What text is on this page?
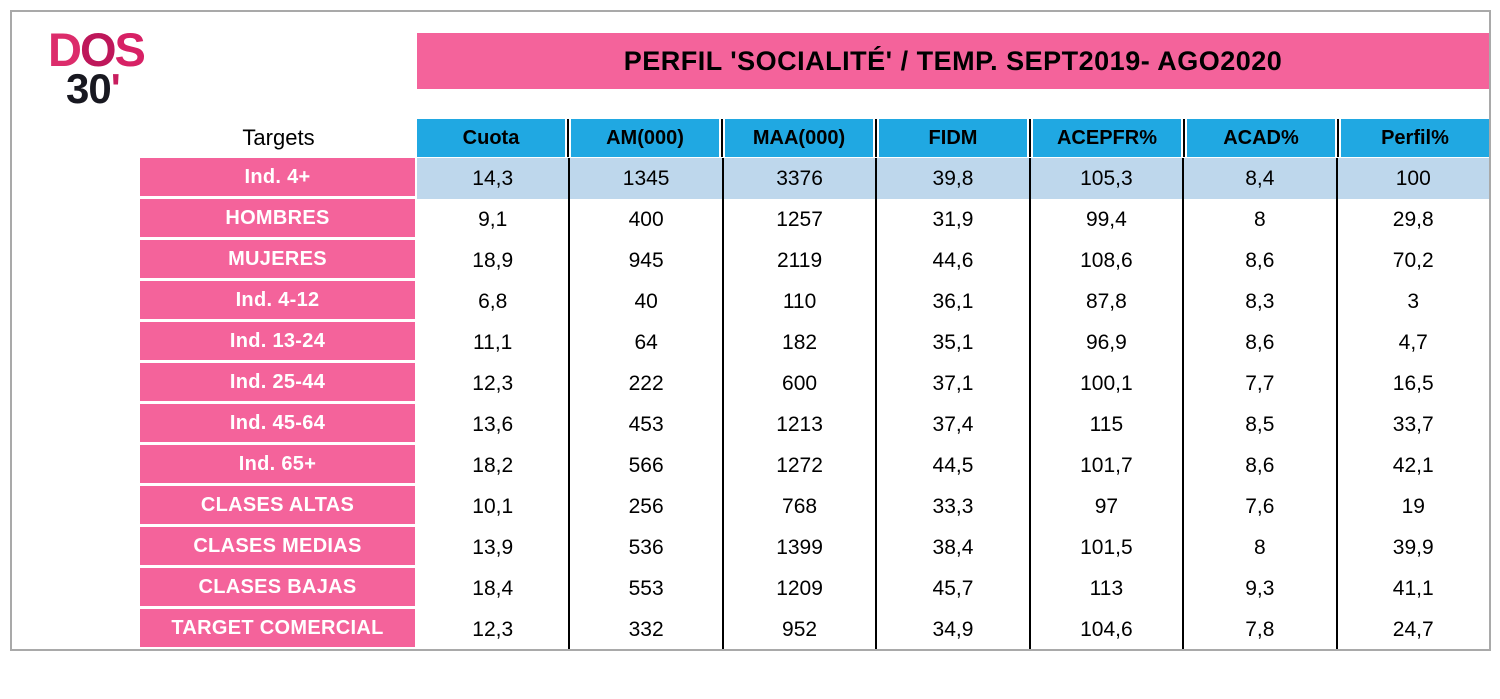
DOS
30'
PERFIL 'SOCIALITÉ' / TEMP. SEPT2019- AGO2020
Targets	Cuota	AM(000)	MAA(000)	FIDM	ACEPFR%	ACAD%	Perfil%
Ind. 4+	14,3	1345	3376	39,8	105,3	8,4	100
HOMBRES	9,1	400	1257	31,9	99,4	8	29,8
MUJERES	18,9	945	2119	44,6	108,6	8,6	70,2
Ind. 4-12	6,8	40	110	36,1	87,8	8,3	3
Ind. 13-24	11,1	64	182	35,1	96,9	8,6	4,7
Ind. 25-44	12,3	222	600	37,1	100,1	7,7	16,5
Ind. 45-64	13,6	453	1213	37,4	115	8,5	33,7
Ind. 65+	18,2	566	1272	44,5	101,7	8,6	42,1
CLASES ALTAS	10,1	256	768	33,3	97	7,6	19
CLASES MEDIAS	13,9	536	1399	38,4	101,5	8	39,9
CLASES BAJAS	18,4	553	1209	45,7	113	9,3	41,1
TARGET COMERCIAL	12,3	332	952	34,9	104,6	7,8	24,7
